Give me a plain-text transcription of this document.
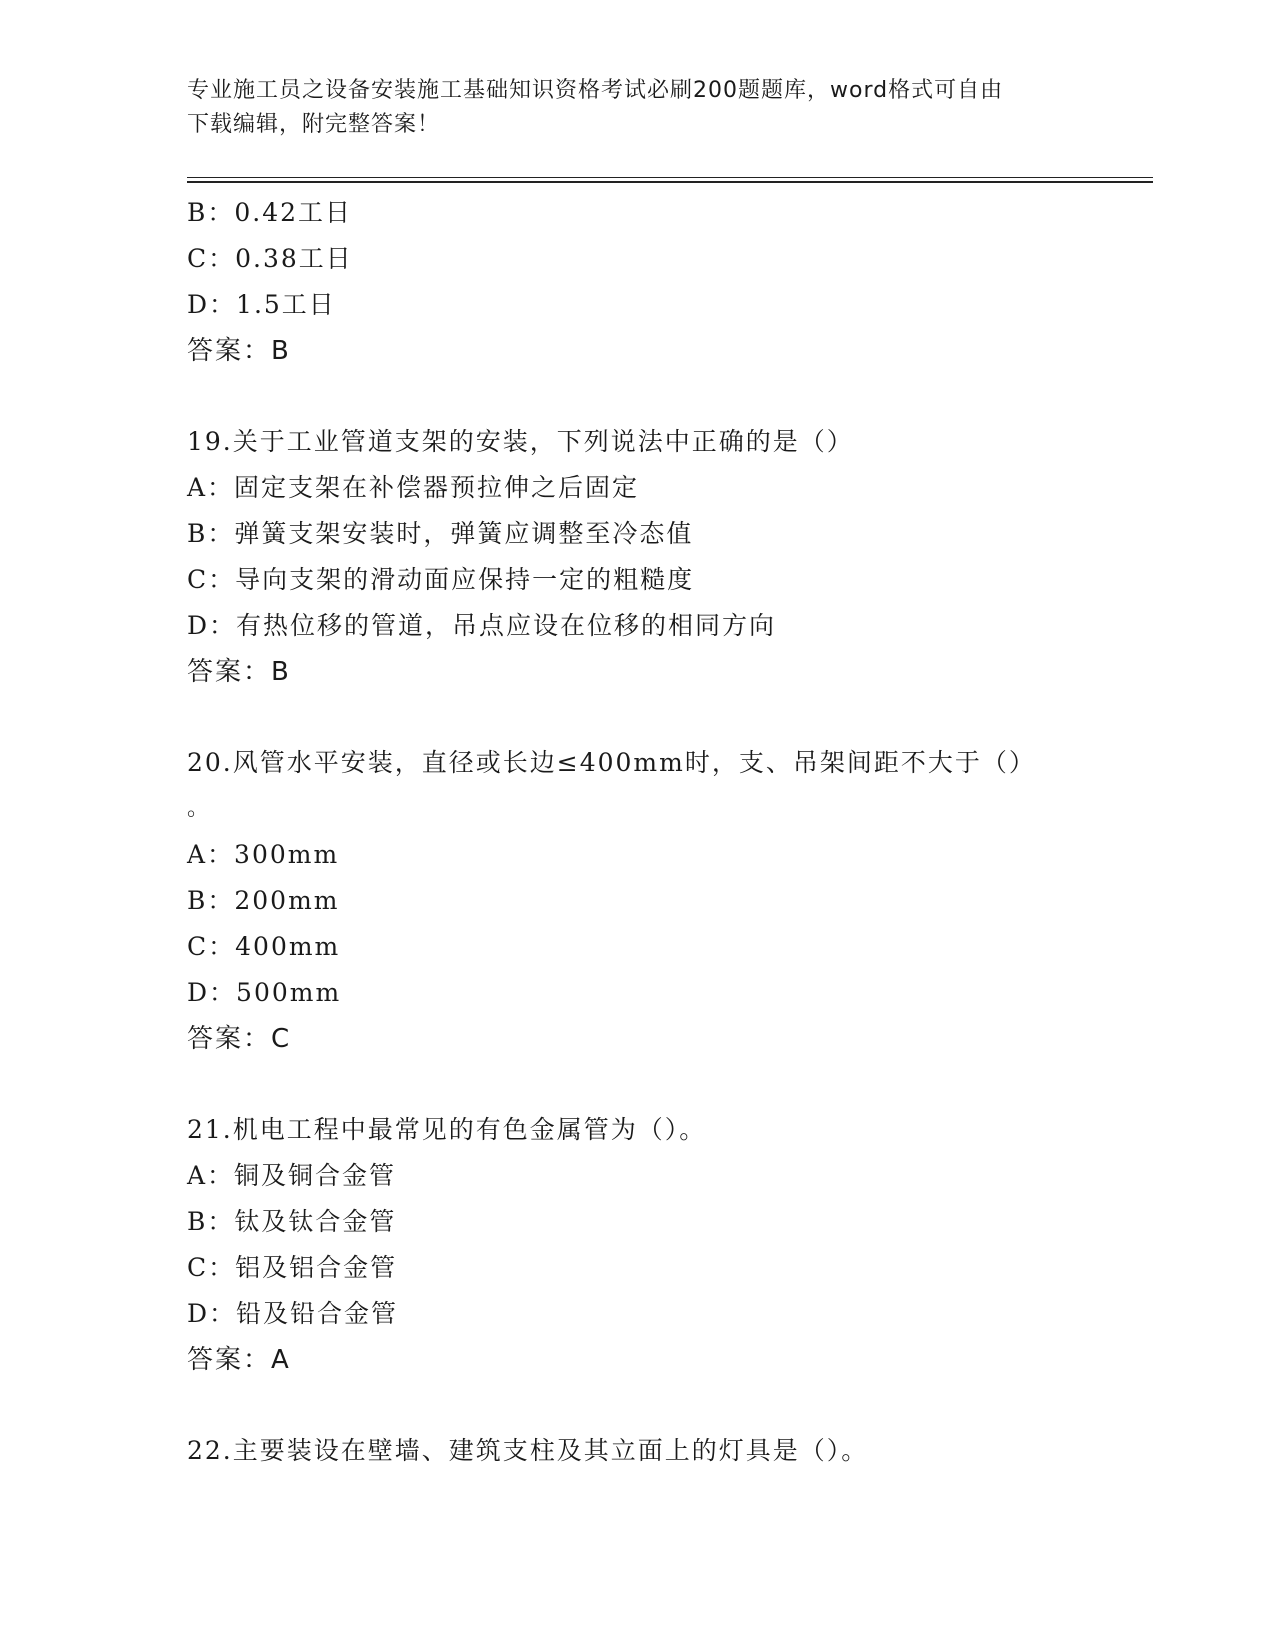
专业施工员之设备安装施工基础知识资格考试必刷200题题库，word格式可自由
下载编辑，附完整答案！
B：0.42工日
C：0.38工日
D：1.5工日
答案：B
19.关于工业管道支架的安装，下列说法中正确的是（）
A：固定支架在补偿器预拉伸之后固定
B：弹簧支架安装时，弹簧应调整至冷态值
C：导向支架的滑动面应保持一定的粗糙度
D：有热位移的管道，吊点应设在位移的相同方向
答案：B
20.风管水平安装，直径或长边≤400mm时，支、吊架间距不大于（）
。
A：300mm
B：200mm
C：400mm
D：500mm
答案：C
21.机电工程中最常见的有色金属管为（）。
A：铜及铜合金管
B：钛及钛合金管
C：铝及铝合金管
D：铅及铅合金管
答案：A
22.主要装设在壁墙、建筑支柱及其立面上的灯具是（）。
